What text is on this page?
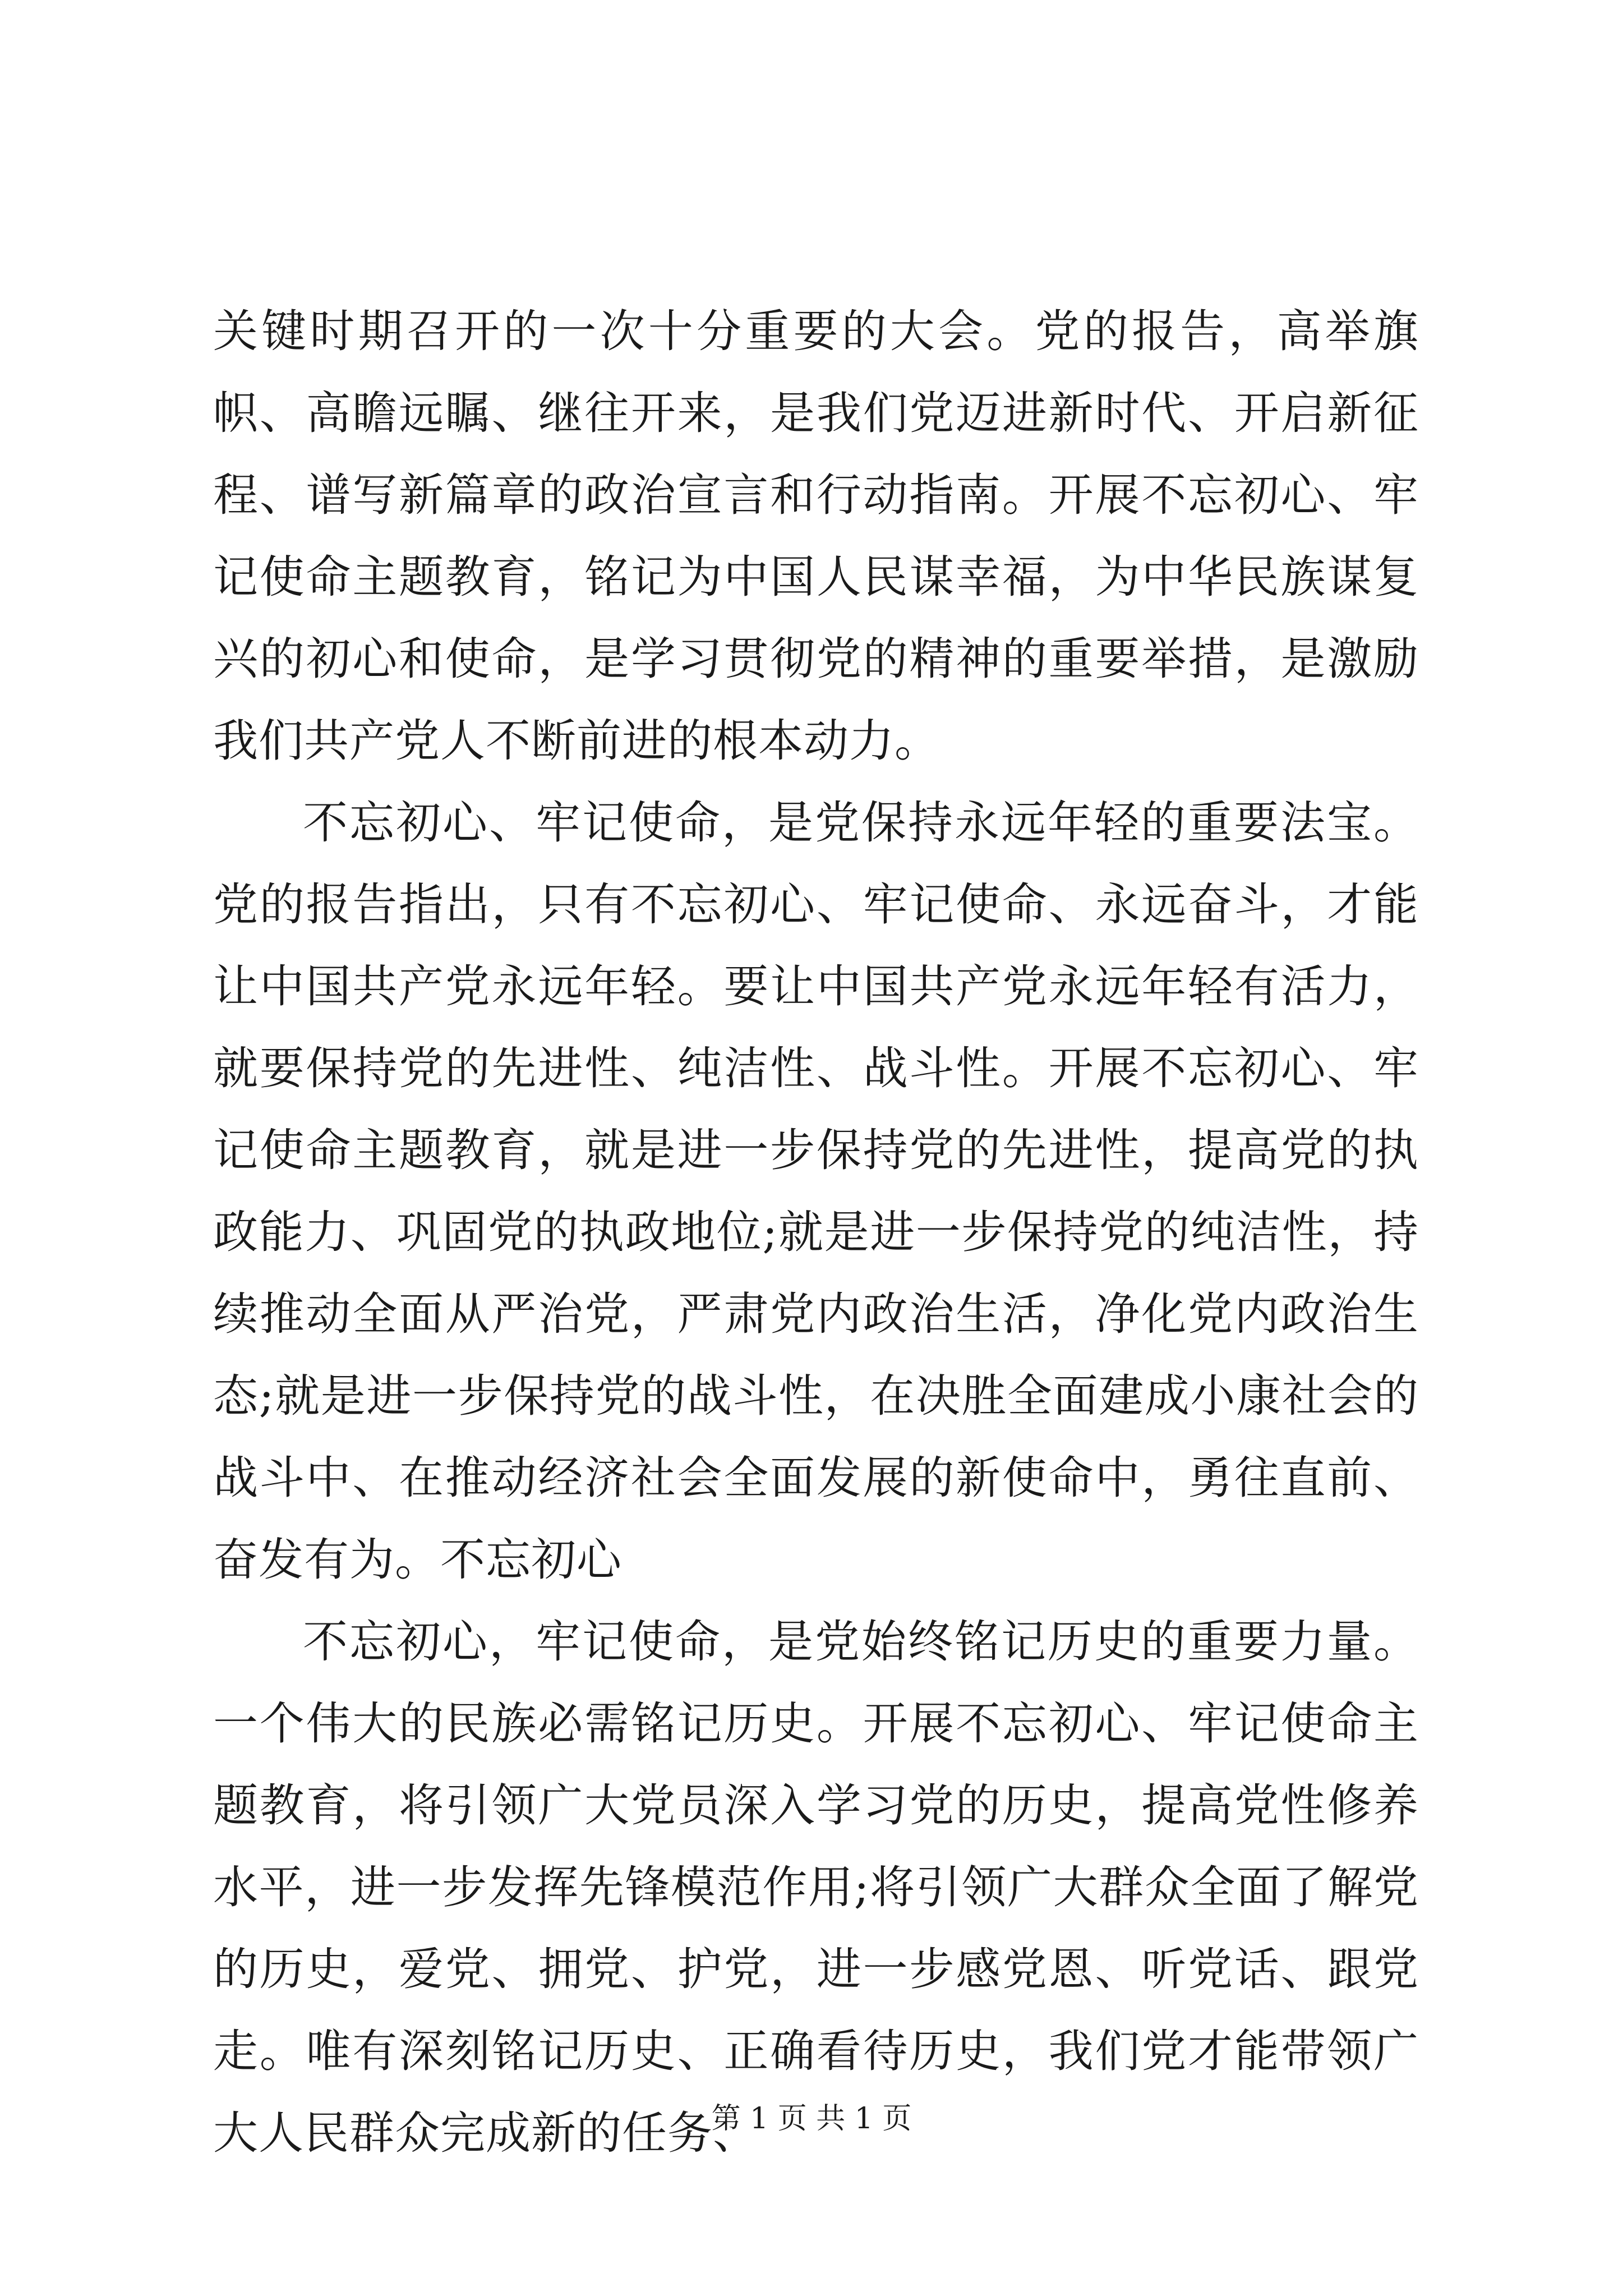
关键时期召开的一次十分重要的大会。党的报告，高举旗帜、高瞻远瞩、继往开来，是我们党迈进新时代、开启新征程、谱写新篇章的政治宣言和行动指南。开展不忘初心、牢记使命主题教育，铭记为中国人民谋幸福，为中华民族谋复兴的初心和使命，是学习贯彻党的精神的重要举措，是激励我们共产党人不断前进的根本动力。

不忘初心、牢记使命，是党保持永远年轻的重要法宝。党的报告指出，只有不忘初心、牢记使命、永远奋斗，才能让中国共产党永远年轻。要让中国共产党永远年轻有活力，就要保持党的先进性、纯洁性、战斗性。开展不忘初心、牢记使命主题教育，就是进一步保持党的先进性，提高党的执政能力、巩固党的执政地位;就是进一步保持党的纯洁性，持续推动全面从严治党，严肃党内政治生活，净化党内政治生态;就是进一步保持党的战斗性，在决胜全面建成小康社会的战斗中、在推动经济社会全面发展的新使命中，勇往直前、奋发有为。不忘初心

不忘初心，牢记使命，是党始终铭记历史的重要力量。一个伟大的民族必需铭记历史。开展不忘初心、牢记使命主题教育，将引领广大党员深入学习党的历史，提高党性修养水平，进一步发挥先锋模范作用;将引领广大群众全面了解党的历史，爱党、拥党、护党，进一步感党恩、听党话、跟党走。唯有深刻铭记历史、正确看待历史，我们党才能带领广大人民群众完成新的任务、

第 1 页 共 1 页
